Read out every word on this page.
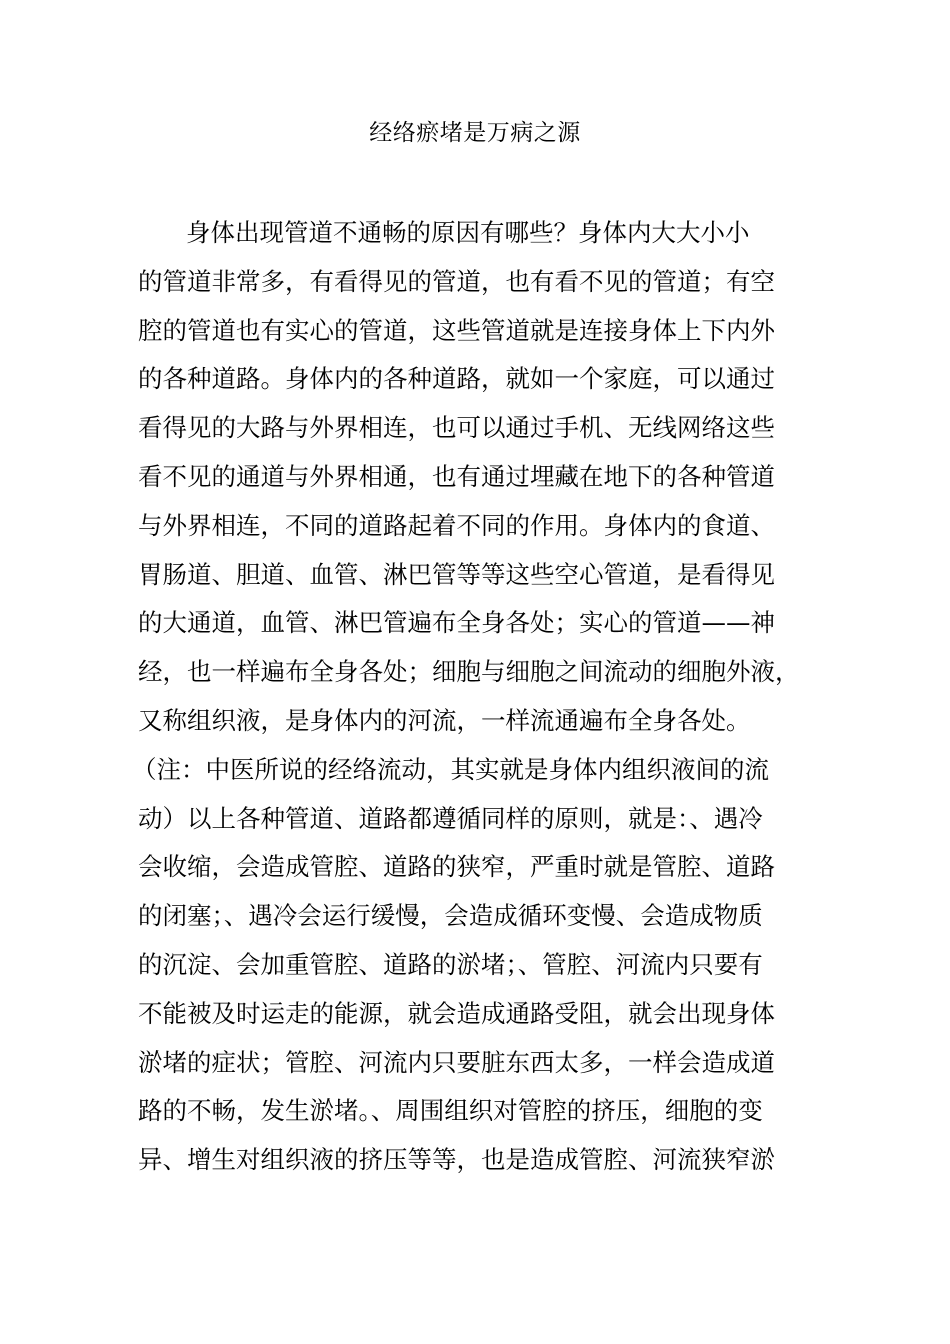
经络瘀堵是万病之源
身体出现管道不通畅的原因有哪些？身体内大大小小
的管道非常多，有看得见的管道，也有看不见的管道；有空
腔的管道也有实心的管道，这些管道就是连接身体上下内外
的各种道路。身体内的各种道路，就如一个家庭，可以通过
看得见的大路与外界相连，也可以通过手机、无线网络这些
看不见的通道与外界相通，也有通过埋藏在地下的各种管道
与外界相连，不同的道路起着不同的作用。身体内的食道、
胃肠道、胆道、血管、淋巴管等等这些空心管道，是看得见
的大通道，血管、淋巴管遍布全身各处；实心的管道——神
经，也一样遍布全身各处；细胞与细胞之间流动的细胞外液，
又称组织液，是身体内的河流，一样流通遍布全身各处。
（注：中医所说的经络流动，其实就是身体内组织液间的流
动）以上各种管道、道路都遵循同样的原则，就是：、遇冷
会收缩，会造成管腔、道路的狭窄，严重时就是管腔、道路
的闭塞；、遇冷会运行缓慢，会造成循环变慢、会造成物质
的沉淀、会加重管腔、道路的淤堵；、管腔、河流内只要有
不能被及时运走的能源，就会造成通路受阻，就会出现身体
淤堵的症状；管腔、河流内只要脏东西太多，一样会造成道
路的不畅，发生淤堵。、周围组织对管腔的挤压，细胞的变
异、增生对组织液的挤压等等，也是造成管腔、河流狭窄淤
